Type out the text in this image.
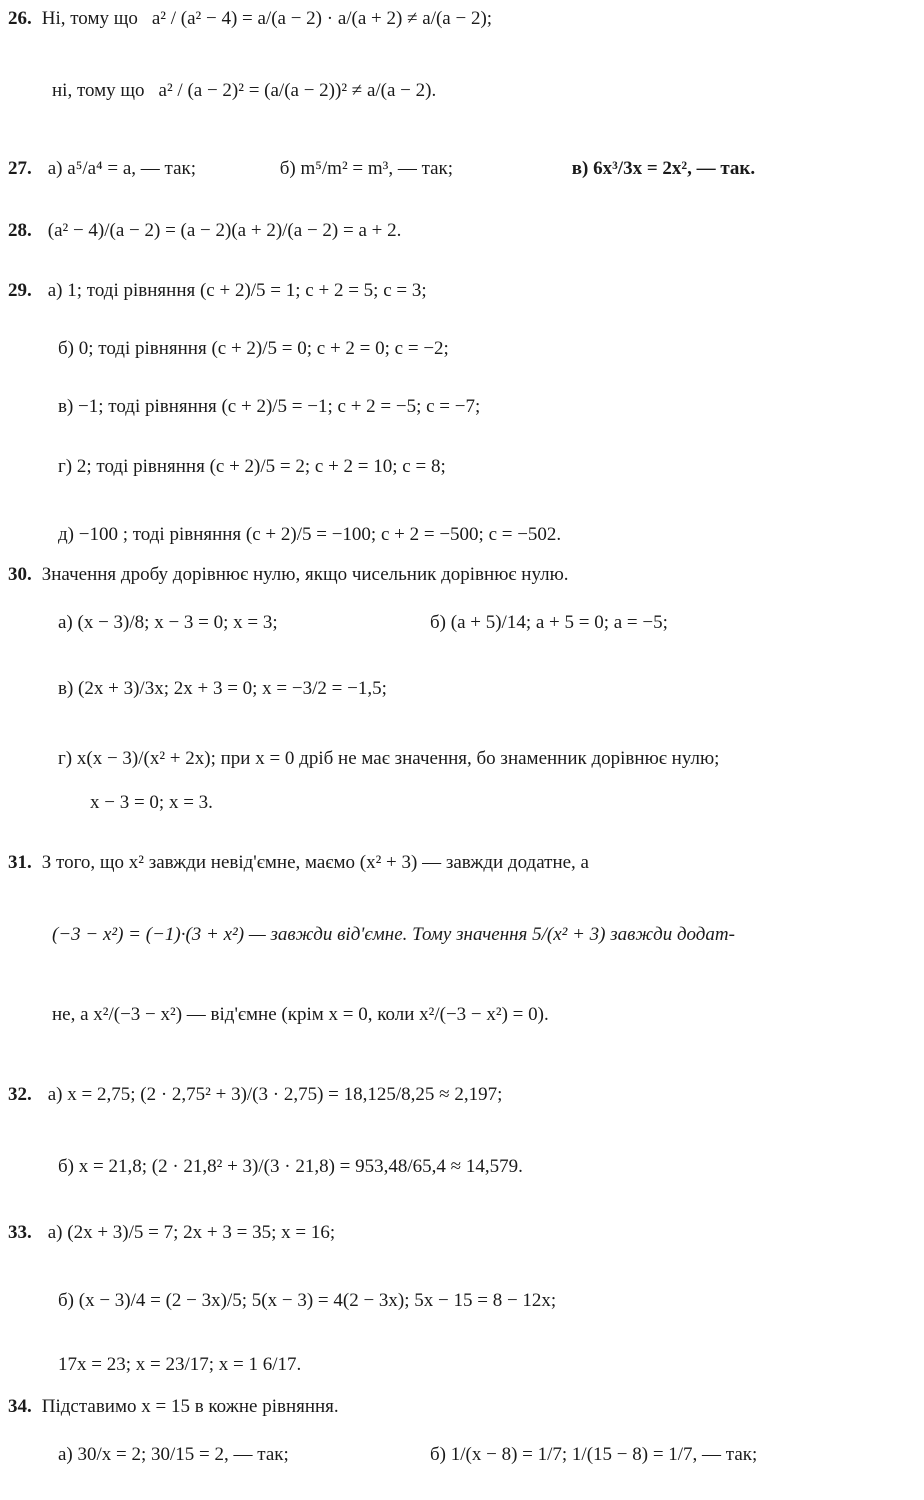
26. Ні, тому що a² / (a² − 4) = a/(a − 2) · a/(a + 2) ≠ a/(a − 2);
ні, тому що a² / (a − 2)² = (a/(a − 2))² ≠ a/(a − 2).
27. а) a⁵/a⁴ = a, — так;	б) m⁵/m² = m³, — так;	в) 6x³/3x = 2x², — так.
28. (a² − 4)/(a − 2) = (a − 2)(a + 2)/(a − 2) = a + 2.
29. а) 1; тоді рівняння (c + 2)/5 = 1; c + 2 = 5; c = 3;
б) 0; тоді рівняння (c + 2)/5 = 0; c + 2 = 0; c = −2;
в) −1; тоді рівняння (c + 2)/5 = −1; c + 2 = −5; c = −7;
г) 2; тоді рівняння (c + 2)/5 = 2; c + 2 = 10; c = 8;
д) −100 ; тоді рівняння (c + 2)/5 = −100; c + 2 = −500; c = −502.
30. Значення дробу дорівнює нулю, якщо чисельник дорівнює нулю.
а) (x − 3)/8; x − 3 = 0; x = 3;	б) (a + 5)/14; a + 5 = 0; a = −5;
в) (2x + 3)/3x; 2x + 3 = 0; x = −3/2 = −1,5;
г) x(x − 3)/(x² + 2x); при x = 0 дріб не має значення, бо знаменник дорівнює нулю;
x − 3 = 0; x = 3.
31. З того, що x² завжди невід'ємне, маємо (x² + 3) — завжди додатне, а
(−3 − x²) = (−1)·(3 + x²) — завжди від'ємне. Тому значення 5/(x² + 3) завжди додат-
не, а x²/(−3 − x²) — від'ємне (крім x = 0, коли x²/(−3 − x²) = 0).
32. а) x = 2,75; (2 · 2,75² + 3)/(3 · 2,75) = 18,125/8,25 ≈ 2,197;
б) x = 21,8; (2 · 21,8² + 3)/(3 · 21,8) = 953,48/65,4 ≈ 14,579.
33. а) (2x + 3)/5 = 7; 2x + 3 = 35; x = 16;
б) (x − 3)/4 = (2 − 3x)/5; 5(x − 3) = 4(2 − 3x); 5x − 15 = 8 − 12x;
17x = 23; x = 23/17; x = 1 6/17.
34. Підставимо x = 15 в кожне рівняння.
а) 30/x = 2; 30/15 = 2, — так;	б) 1/(x − 8) = 1/7; 1/(15 − 8) = 1/7, — так;
